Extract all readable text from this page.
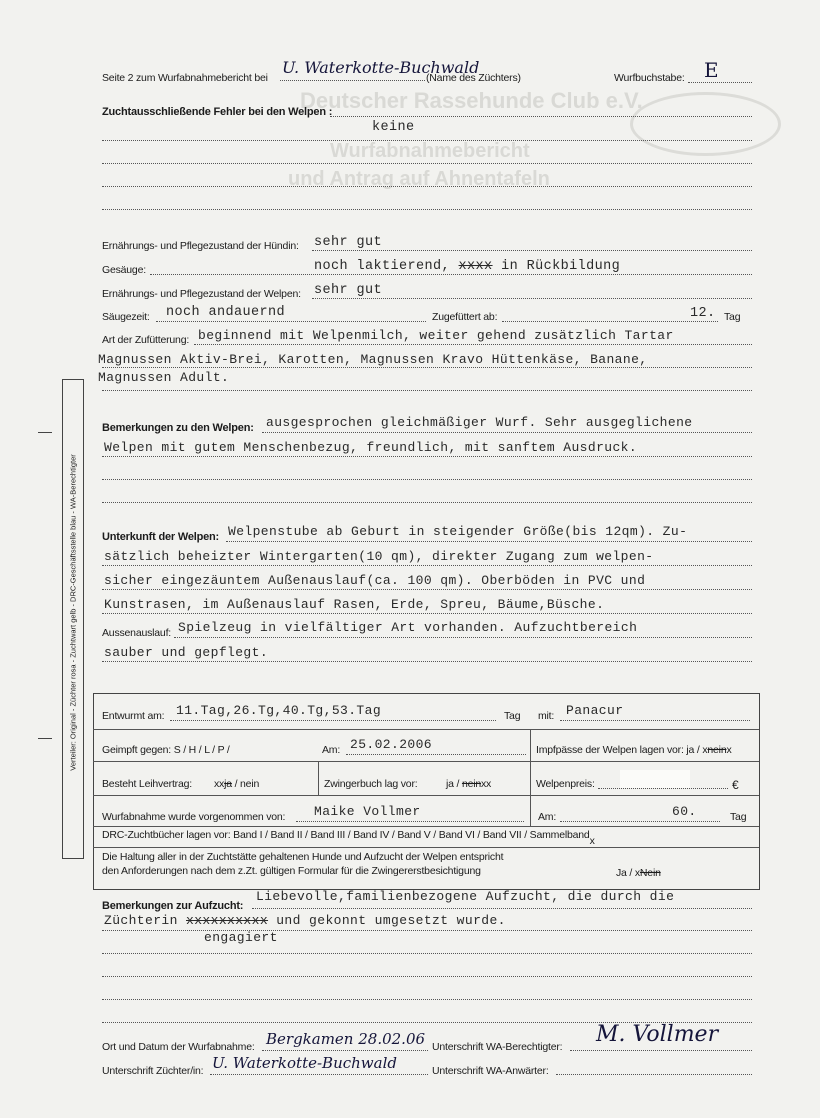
Deutscher Rassehunde Club e.V.
Wurfabnahmebericht
und Antrag auf Ahnentafeln
Seite 2 zum Wurfabnahmebericht bei
U. Waterkotte-Buchwald
(Name des Züchters)	Wurfbuchstabe: E
Zuchtausschließende Fehler bei den Welpen :
keine
Ernährungs- und Pflegezustand der Hündin: sehr gut
Gesäuge:	noch laktierend, xxxx in Rückbildung
Ernährungs- und Pflegezustand der Welpen: sehr gut
Säugezeit: noch andauernd	Zugefüttert ab:	12. Tag
Art der Zufütterung: beginnend mit Welpenmilch, weiter gehend zusätzlich Tartar
Magnussen Aktiv-Brei, Karotten, Magnussen Kravo Hüttenkäse, Banane,
Magnussen Adult.
Bemerkungen zu den Welpen: ausgesprochen gleichmäßiger Wurf. Sehr ausgeglichene
Welpen mit gutem Menschenbezug, freundlich, mit sanftem Ausdruck.
Unterkunft der Welpen: Welpenstube ab Geburt in steigender Größe(bis 12qm). Zu-
sätzlich beheizter Wintergarten(10 qm), direkter Zugang zum welpen-
sicher eingezäuntem Außenauslauf(ca. 100 qm). Oberböden in PVC und
Kunstrasen, im Außenauslauf Rasen, Erde, Spreu, Bäume,Büsche.
Aussenauslauf: Spielzeug in vielfältiger Art vorhanden. Aufzuchtbereich
sauber und gepflegt.
Entwurmt am: 11.Tag,26.Tg,40.Tg,53.Tag	Tag mit: Panacur
Geimpft gegen: S / H / L / P /	Am: 25.02.2006	Impfpässe der Welpen lagen vor: ja / xneinx
Besteht Leihvertrag: xxja / nein	Zwingerbuch lag vor:	ja / neinxx	Welpenpreis:	€
Wurfabnahme wurde vorgenommen von: Maike Vollmer	Am:	60.	Tag
DRC-Zuchtbücher lagen vor: Band I / Band II / Band III / Band IV / Band V / Band VI / Band VII / Sammelbandx
Die Haltung aller in der Zuchtstätte gehaltenen Hunde und Aufzucht der Welpen entspricht
den Anforderungen nach dem z.Zt. gültigen Formular für die Zwingererstbesichtigung	Ja / xNein
Bemerkungen zur Aufzucht:
Liebevolle,familienbezogene Aufzucht, die durch die
Züchterin xxxxxxxxxx und gekonnt umgesetzt wurde.
engagiert
Ort und Datum der Wurfabnahme: Bergkamen 28.02.06 Unterschrift WA-Berechtigter: M. Vollmer
Unterschrift Züchter/in: U. Waterkotte-Buchwald	Unterschrift WA-Anwärter:
Verteiler: Original - Züchter rosa - Zuchtwart gelb - DRC-Geschäftsstelle blau - WA-Berechtigter
